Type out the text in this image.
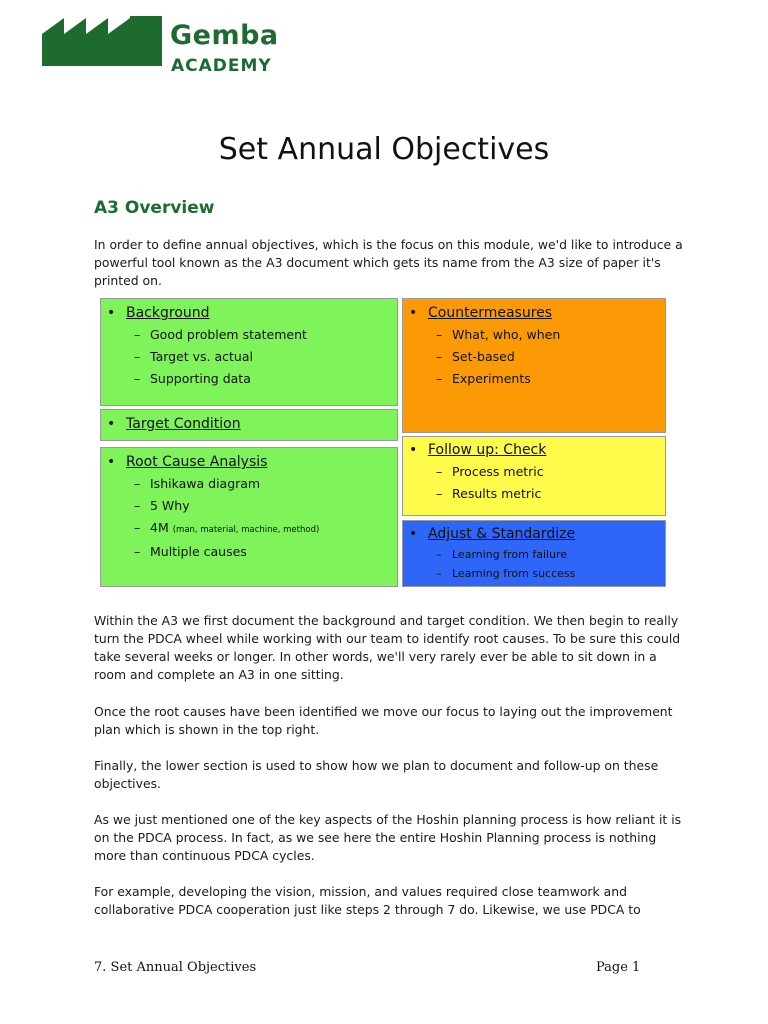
Gemba
ACADEMY
Set Annual Objectives
A3 Overview
In order to define annual objectives, which is the focus on this module, we'd like to introduce a powerful tool known as the A3 document which gets its name from the A3 size of paper it's printed on.
• Background
– Good problem statement
– Target vs. actual
– Supporting data
• Target Condition
• Root Cause Analysis
– Ishikawa diagram
– 5 Why
– 4M (man, material, machine, method)
– Multiple causes
• Countermeasures
– What, who, when
– Set-based
– Experiments
• Follow up: Check
– Process metric
– Results metric
• Adjust & Standardize
– Learning from failure
– Learning from success
Within the A3 we first document the background and target condition. We then begin to really turn the PDCA wheel while working with our team to identify root causes. To be sure this could take several weeks or longer. In other words, we'll very rarely ever be able to sit down in a room and complete an A3 in one sitting.
Once the root causes have been identified we move our focus to laying out the improvement plan which is shown in the top right.
Finally, the lower section is used to show how we plan to document and follow-up on these objectives.
As we just mentioned one of the key aspects of the Hoshin planning process is how reliant it is on the PDCA process. In fact, as we see here the entire Hoshin Planning process is nothing more than continuous PDCA cycles.
For example, developing the vision, mission, and values required close teamwork and collaborative PDCA cooperation just like steps 2 through 7 do. Likewise, we use PDCA to
7. Set Annual Objectives	Page 1
